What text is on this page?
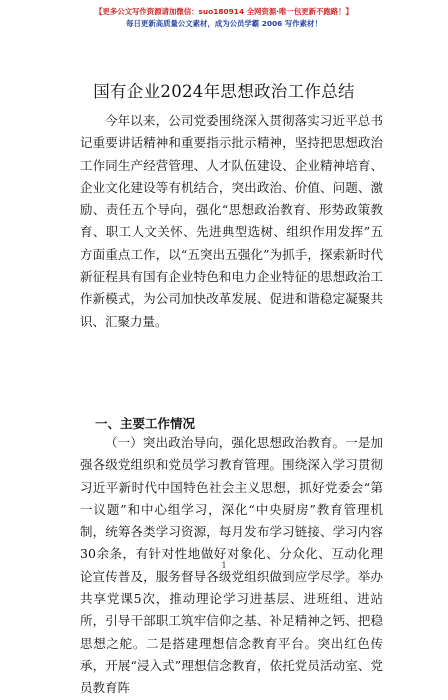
【更多公文写作资源请加微信：suo180914 全网资源·唯一包更新不跑路！】
每日更新高质量公文素材，成为公员学霸 2006 写作素材！
国有企业2024年思想政治工作总结

今年以来，公司党委围绕深入贯彻落实习近平总书记重要讲话精神和重要指示批示精神，坚持把思想政治工作同生产经营管理、人才队伍建设、企业精神培育、企业文化建设等有机结合，突出政治、价值、问题、激励、责任五个导向，强化“思想政治教育、形势政策教育、职工人文关怀、先进典型选树、组织作用发挥”五方面重点工作，以“五突出五强化”为抓手，探索新时代新征程具有国有企业特色和电力企业特征的思想政治工作新模式，为公司加快改革发展、促进和谐稳定凝聚共识、汇聚力量。

一、主要工作情况

（一）突出政治导向，强化思想政治教育。一是加强各级党组织和党员学习教育管理。围绕深入学习贯彻习近平新时代中国特色社会主义思想，抓好党委会“第一议题”和中心组学习，深化“中央厨房”教育管理机制，统筹各类学习资源，每月发布学习链接、学习内容30余条，有针对性地做好对象化、分众化、互动化理论宣传普及，服务督导各级党组织做到应学尽学。举办共享党课5次，推动理论学习进基层、进班组、进站所，引导干部职工筑牢信仰之基、补足精神之钙、把稳思想之舵。二是搭建理想信念教育平台。突出红色传承，开展“浸入式”理想信念教育，依托党员活动室、党员教育阵

1
